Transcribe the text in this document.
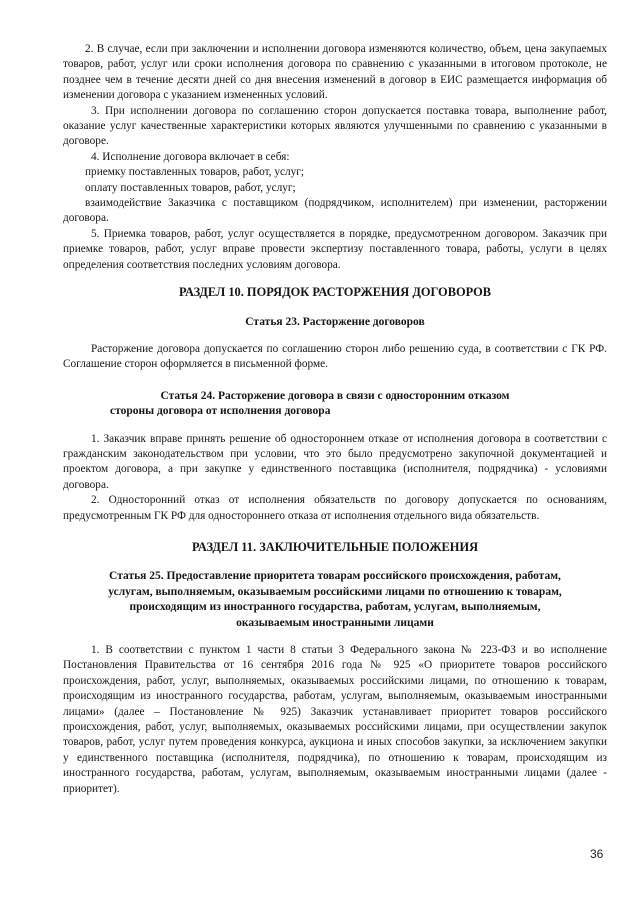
2. В случае, если при заключении и исполнении договора изменяются количество, объем, цена закупаемых товаров, работ, услуг или сроки исполнения договора по сравнению с указанными в итоговом протоколе, не позднее чем в течение десяти дней со дня внесения изменений в договор в ЕИС размещается информация об изменении договора с указанием измененных условий.

3. При исполнении договора по соглашению сторон допускается поставка товара, выполнение работ, оказание услуг качественные характеристики которых являются улучшенными по сравнению с указанными в договоре.

4. Исполнение договора включает в себя:

приемку поставленных товаров, работ, услуг;

оплату поставленных товаров, работ, услуг;

взаимодействие Заказчика с поставщиком (подрядчиком, исполнителем) при изменении, расторжении договора.

5. Приемка товаров, работ, услуг осуществляется в порядке, предусмотренном договором. Заказчик при приемке товаров, работ, услуг вправе провести экспертизу поставленного товара, работы, услуги в целях определения соответствия последних условиям договора.

РАЗДЕЛ 10. ПОРЯДОК РАСТОРЖЕНИЯ ДОГОВОРОВ
Статья 23. Расторжение договоров

Расторжение договора допускается по соглашению сторон либо решению суда, в соответствии с ГК РФ. Соглашение сторон оформляется в письменной форме.

Статья 24. Расторжение договора в связи с односторонним отказом
стороны договора от исполнения договора

1. Заказчик вправе принять решение об одностороннем отказе от исполнения договора в соответствии с гражданским законодательством при условии, что это было предусмотрено закупочной документацией и проектом договора, а при закупке у единственного поставщика (исполнителя, подрядчика) - условиями договора.

2. Односторонний отказ от исполнения обязательств по договору допускается по основаниям, предусмотренным ГК РФ для одностороннего отказа от исполнения отдельного вида обязательств.

РАЗДЕЛ 11. ЗАКЛЮЧИТЕЛЬНЫЕ ПОЛОЖЕНИЯ
Статья 25. Предоставление приоритета товарам российского происхождения, работам,
услугам, выполняемым, оказываемым российскими лицами по отношению к товарам,
происходящим из иностранного государства, работам, услугам, выполняемым,
оказываемым иностранными лицами

1. В соответствии с пунктом 1 части 8 статьи 3 Федерального закона № 223-ФЗ и во исполнение Постановления Правительства от 16 сентября 2016 года № 925 «О приоритете товаров российского происхождения, работ, услуг, выполняемых, оказываемых российскими лицами, по отношению к товарам, происходящим из иностранного государства, работам, услугам, выполняемым, оказываемым иностранными лицами» (далее – Постановление № 925) Заказчик устанавливает приоритет товаров российского происхождения, работ, услуг, выполняемых, оказываемых российскими лицами, при осуществлении закупок товаров, работ, услуг путем проведения конкурса, аукциона и иных способов закупки, за исключением закупки у единственного поставщика (исполнителя, подрядчика), по отношению к товарам, происходящим из иностранного государства, работам, услугам, выполняемым, оказываемым иностранными лицами (далее - приоритет).

36
